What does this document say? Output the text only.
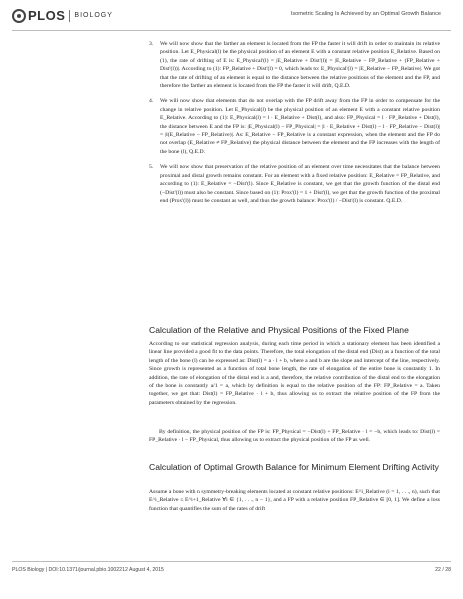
PLOS BIOLOGY	Isometric Scaling Is Achieved by an Optimal Growth Balance
3. We will now show that the farther an element is located from the FP the faster it will drift in order to maintain its relative position. Let E_Physical(l) be the physical position of an element E with a constant relative position E_Relative. Based on (1), the rate of drifting of E is: E_Physical'(l) = |E_Relative + Dist'(l)| = |E_Relative − FP_Relative + (FP_Relative + Dist'(l))|. According to (1): FP_Relative + Dist'(l) = 0, which leads to: E_Physical'(l) = |E_Relative − FP_Relative|. We got that the rate of drifting of an element is equal to the distance between the relative positions of the element and the FP, and therefore the farther an element is located from the FP the faster it will drift, Q.E.D.
4. We will now show that elements that do not overlap with the FP drift away from the FP in order to compensate for the change in relative position. Let E_Physical(l) be the physical position of an element E with a constant relative position E_Relative. According to (1): E_Physical(l) = l · E_Relative + Dist(l), and also: FP_Physical = l · FP_Relative + Dist(l), the distance between E and the FP is: |E_Physical(l) − FP_Physical| = |l · E_Relative + Dist(l) − l · FP_Relative − Dist(l)| = |l(E_Relative − FP_Relative)|. As: E_Relative − FP_Relative is a constant expression, when the element and the FP do not overlap (E_Relative ≠ FP_Relative) the physical distance between the element and the FP increases with the length of the bone (l), Q.E.D.
5. We will now show that preservation of the relative position of an element over time necessitates that the balance between proximal and distal growth remains constant. For an element with a fixed relative position: E_Relative = FP_Relative, and according to (1): E_Relative = −Dist'(l). Since E_Relative is constant, we get that the growth function of the distal end (−Dist'(l)) must also be constant. Since based on (1): Prox'(l) = 1 + Dist'(l), we get that the growth function of the proximal end (Prox'(l)) must be constant as well, and thus the growth balance: Prox'(l) / −Dist'(l) is constant. Q.E.D.
Calculation of the Relative and Physical Positions of the Fixed Plane
According to our statistical regression analysis, during each time period in which a stationary element has been identified a linear line provided a good fit to the data points. Therefore, the total elongation of the distal end (Dist) as a function of the total length of the bone (l) can be expressed as: Dist(l) = a · l + b, where a and b are the slope and intercept of the line, respectively. Since growth is represented as a function of total bone length, the rate of elongation of the entire bone is constantly 1. In addition, the rate of elongation of the distal end is a and, therefore, the relative contribution of the distal end to the elongation of the bone is constantly a/1 = a, which by definition is equal to the relative position of the FP: FP_Relative = a. Taken together, we get that: Dist(l) = FP_Relative · l + b, thus allowing us to extract the relative position of the FP from the parameters obtained by the regression.
By definition, the physical position of the FP is: FP_Physical = −Dist(l) + FP_Relative · l = −b, which leads to: Dist(l) = FP_Relative · l − FP_Physical, thus allowing us to extract the physical position of the FP as well.
Calculation of Optimal Growth Balance for Minimum Element Drifting Activity
Assume a bone with n symmetry-breaking elements located at constant relative positions: E^i_Relative (i = 1, . . ., n), such that E^i_Relative ≤ E^i+1_Relative ∀i ∈ {1, . . ., n − 1}, and a FP with a relative position FP_Relative ∈ [0, 1]. We define a loss function that quantifies the sum of the rates of drift
PLOS Biology | DOI:10.1371/journal.pbio.1002212 August 4, 2015	22 / 28
